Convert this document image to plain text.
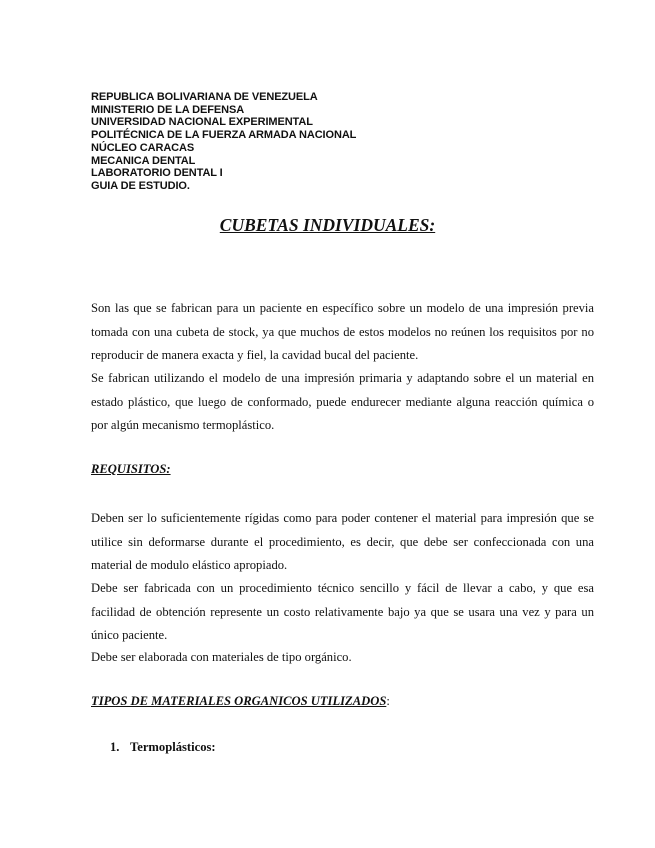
REPUBLICA BOLIVARIANA DE VENEZUELA
MINISTERIO DE LA DEFENSA
UNIVERSIDAD NACIONAL EXPERIMENTAL
POLITÉCNICA DE LA FUERZA ARMADA NACIONAL
NÚCLEO CARACAS
MECANICA DENTAL
LABORATORIO DENTAL I
GUIA DE ESTUDIO.
CUBETAS INDIVIDUALES:

Son las que se fabrican para un paciente en específico sobre un modelo de una impresión previa tomada con una cubeta de stock, ya que muchos de estos modelos no reúnen los requisitos por no reproducir de manera exacta y fiel, la cavidad bucal del paciente.

Se fabrican utilizando el modelo de una impresión primaria y adaptando sobre el un material en estado plástico, que luego de conformado, puede endurecer mediante alguna reacción química o por algún mecanismo termoplástico.

REQUISITOS:

Deben ser lo suficientemente rígidas como para poder contener el material para impresión que se utilice sin deformarse durante el procedimiento, es decir, que debe ser confeccionada con una material de modulo elástico apropiado.

Debe ser fabricada con un procedimiento técnico sencillo y fácil de llevar a cabo, y que esa facilidad de obtención represente un costo relativamente bajo ya que se usara una vez y para un único paciente.

Debe ser elaborada con materiales de tipo orgánico.

TIPOS DE MATERIALES ORGANICOS UTILIZADOS:
1. Termoplásticos:
